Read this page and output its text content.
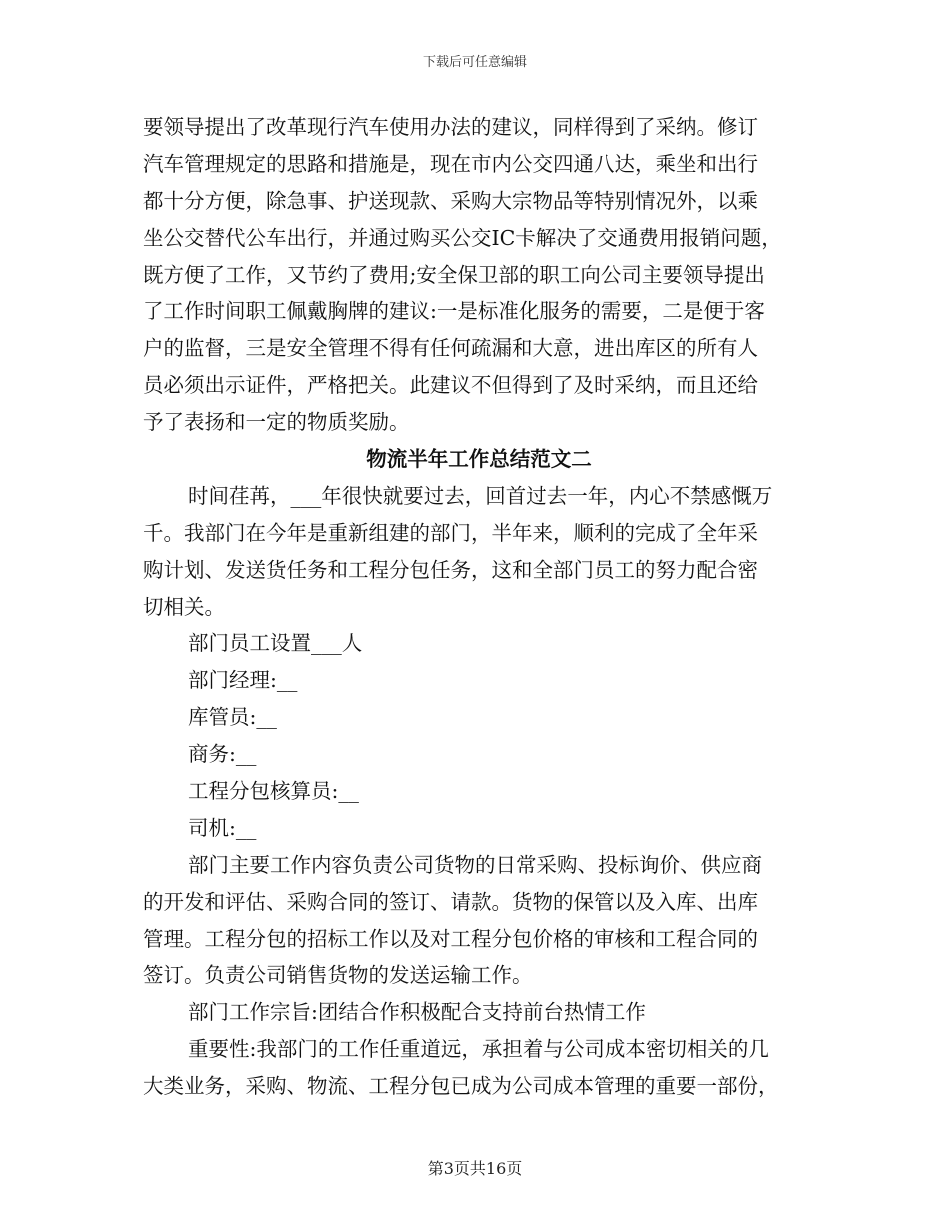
下载后可任意编辑
要领导提出了改革现行汽车使用办法的建议，同样得到了采纳。修订
汽车管理规定的思路和措施是，现在市内公交四通八达，乘坐和出行
都十分方便，除急事、护送现款、采购大宗物品等特别情况外，以乘
坐公交替代公车出行，并通过购买公交IC卡解决了交通费用报销问题，
既方便了工作，又节约了费用;安全保卫部的职工向公司主要领导提出
了工作时间职工佩戴胸牌的建议:一是标准化服务的需要，二是便于客
户的监督，三是安全管理不得有任何疏漏和大意，进出库区的所有人
员必须出示证件，严格把关。此建议不但得到了及时采纳，而且还给
予了表扬和一定的物质奖励。
物流半年工作总结范文二
时间荏苒，___年很快就要过去，回首过去一年，内心不禁感慨万
千。我部门在今年是重新组建的部门，半年来，顺利的完成了全年采
购计划、发送货任务和工程分包任务，这和全部门员工的努力配合密
切相关。
部门员工设置___人
部门经理:__
库管员:__
商务:__
工程分包核算员:__
司机:__
部门主要工作内容负责公司货物的日常采购、投标询价、供应商
的开发和评估、采购合同的签订、请款。货物的保管以及入库、出库
管理。工程分包的招标工作以及对工程分包价格的审核和工程合同的
签订。负责公司销售货物的发送运输工作。
部门工作宗旨:团结合作积极配合支持前台热情工作
重要性:我部门的工作任重道远，承担着与公司成本密切相关的几
大类业务，采购、物流、工程分包已成为公司成本管理的重要一部份，
第3页共16页
